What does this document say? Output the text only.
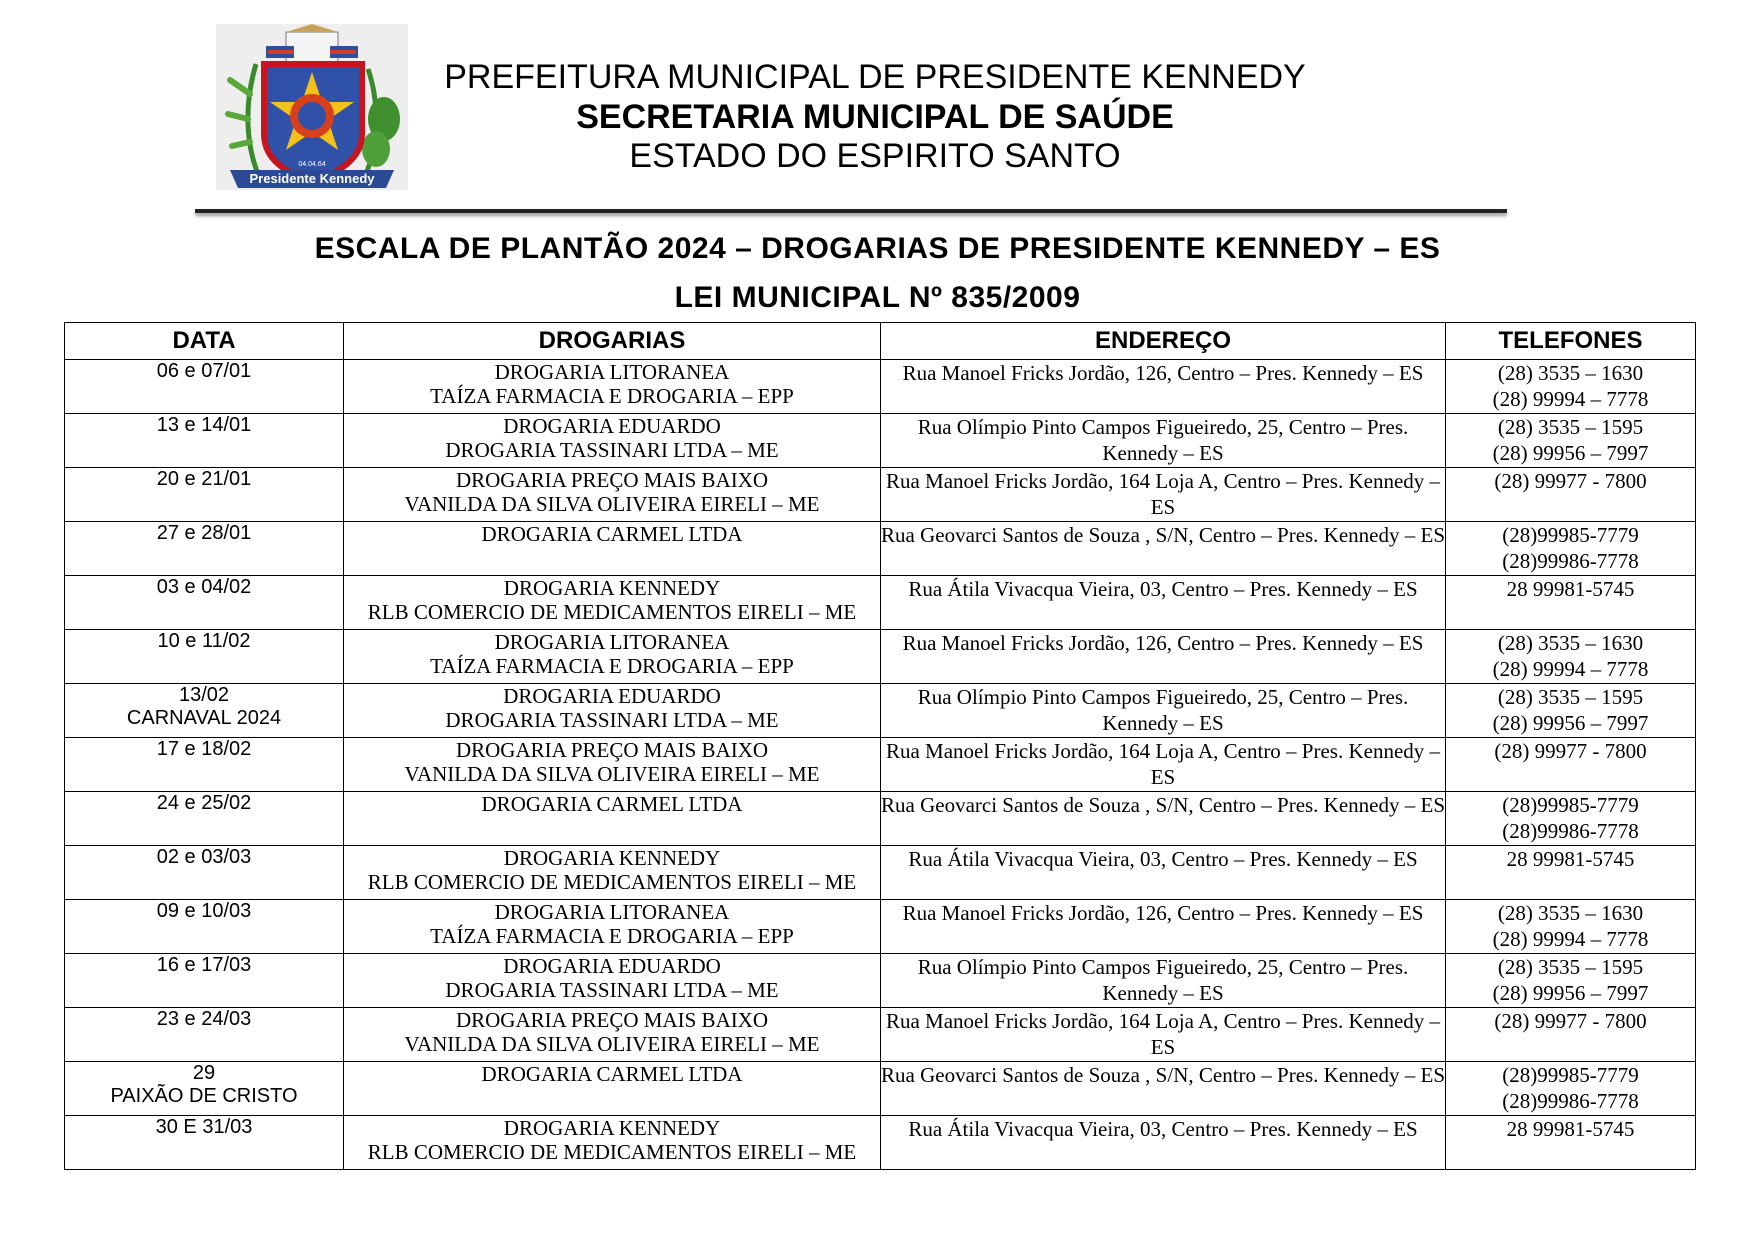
04.04.64
Presidente Kennedy
PREFEITURA MUNICIPAL DE PRESIDENTE KENNEDY
SECRETARIA MUNICIPAL DE SAÚDE
ESTADO DO ESPIRITO SANTO
ESCALA DE PLANTÃO 2024 – DROGARIAS DE PRESIDENTE KENNEDY – ES
LEI MUNICIPAL Nº 835/2009
DATA	DROGARIAS	ENDEREÇO	TELEFONES

06 e 07/01	DROGARIA LITORANEA
TAÍZA FARMACIA E DROGARIA – EPP	Rua Manoel Fricks Jordão, 126, Centro – Pres. Kennedy – ES	(28) 3535 – 1630
(28) 99994 – 7778

13 e 14/01	DROGARIA EDUARDO
DROGARIA TASSINARI LTDA – ME	Rua Olímpio Pinto Campos Figueiredo, 25, Centro – Pres. Kennedy – ES	(28) 3535 – 1595
(28) 99956 – 7997

20 e 21/01	DROGARIA PREÇO MAIS BAIXO
VANILDA DA SILVA OLIVEIRA EIRELI – ME	Rua Manoel Fricks Jordão, 164 Loja A, Centro – Pres. Kennedy – ES	(28) 99977 - 7800

27 e 28/01	DROGARIA CARMEL LTDA	Rua Geovarci Santos de Souza , S/N, Centro – Pres. Kennedy – ES	(28)99985-7779
(28)99986-7778

03 e 04/02	DROGARIA KENNEDY
RLB COMERCIO DE MEDICAMENTOS EIRELI – ME	Rua Átila Vivacqua Vieira, 03, Centro – Pres. Kennedy – ES	28 99981-5745

10 e 11/02	DROGARIA LITORANEA
TAÍZA FARMACIA E DROGARIA – EPP	Rua Manoel Fricks Jordão, 126, Centro – Pres. Kennedy – ES	(28) 3535 – 1630
(28) 99994 – 7778

13/02
CARNAVAL 2024	DROGARIA EDUARDO
DROGARIA TASSINARI LTDA – ME	Rua Olímpio Pinto Campos Figueiredo, 25, Centro – Pres. Kennedy – ES	(28) 3535 – 1595
(28) 99956 – 7997

17 e 18/02	DROGARIA PREÇO MAIS BAIXO
VANILDA DA SILVA OLIVEIRA EIRELI – ME	Rua Manoel Fricks Jordão, 164 Loja A, Centro – Pres. Kennedy – ES	(28) 99977 - 7800

24 e 25/02	DROGARIA CARMEL LTDA	Rua Geovarci Santos de Souza , S/N, Centro – Pres. Kennedy – ES	(28)99985-7779
(28)99986-7778

02 e 03/03	DROGARIA KENNEDY
RLB COMERCIO DE MEDICAMENTOS EIRELI – ME	Rua Átila Vivacqua Vieira, 03, Centro – Pres. Kennedy – ES	28 99981-5745

09 e 10/03	DROGARIA LITORANEA
TAÍZA FARMACIA E DROGARIA – EPP	Rua Manoel Fricks Jordão, 126, Centro – Pres. Kennedy – ES	(28) 3535 – 1630
(28) 99994 – 7778

16 e 17/03	DROGARIA EDUARDO
DROGARIA TASSINARI LTDA – ME	Rua Olímpio Pinto Campos Figueiredo, 25, Centro – Pres. Kennedy – ES	(28) 3535 – 1595
(28) 99956 – 7997

23 e 24/03	DROGARIA PREÇO MAIS BAIXO
VANILDA DA SILVA OLIVEIRA EIRELI – ME	Rua Manoel Fricks Jordão, 164 Loja A, Centro – Pres. Kennedy – ES	(28) 99977 - 7800

29
PAIXÃO DE CRISTO	DROGARIA CARMEL LTDA	Rua Geovarci Santos de Souza , S/N, Centro – Pres. Kennedy – ES	(28)99985-7779
(28)99986-7778

30 E 31/03	DROGARIA KENNEDY
RLB COMERCIO DE MEDICAMENTOS EIRELI – ME	Rua Átila Vivacqua Vieira, 03, Centro – Pres. Kennedy – ES	28 99981-5745
